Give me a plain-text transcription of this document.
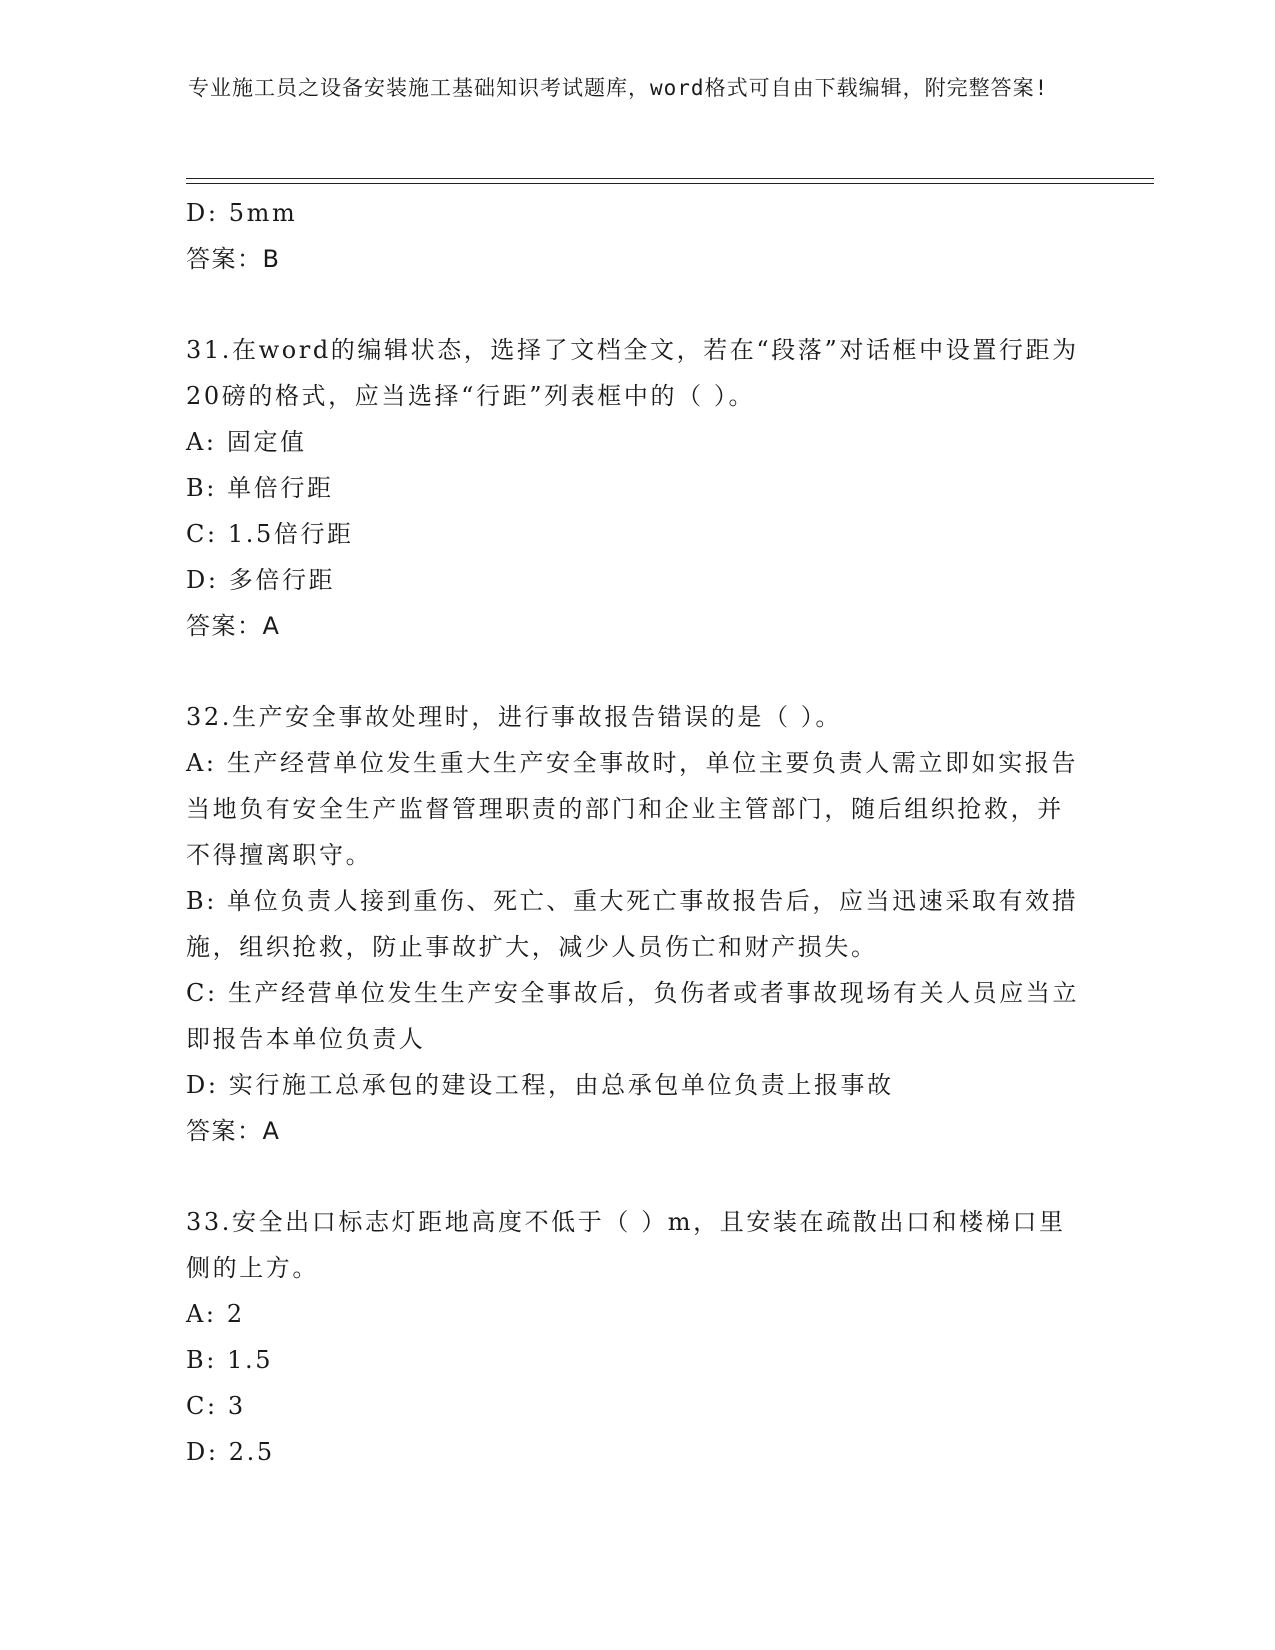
专业施工员之设备安装施工基础知识考试题库，word格式可自由下载编辑，附完整答案!
D: 5mm
答案：B
31.在word的编辑状态，选择了文档全文，若在“段落”对话框中设置行距为20磅的格式，应当选择“行距”列表框中的（ ）。
A: 固定值
B: 单倍行距
C: 1.5倍行距
D: 多倍行距
答案：A
32.生产安全事故处理时，进行事故报告错误的是（ ）。
A: 生产经营单位发生重大生产安全事故时，单位主要负责人需立即如实报告当地负有安全生产监督管理职责的部门和企业主管部门，随后组织抢救，并不得擅离职守。
B: 单位负责人接到重伤、死亡、重大死亡事故报告后，应当迅速采取有效措施，组织抢救，防止事故扩大，减少人员伤亡和财产损失。
C: 生产经营单位发生生产安全事故后，负伤者或者事故现场有关人员应当立即报告本单位负责人
D: 实行施工总承包的建设工程，由总承包单位负责上报事故
答案：A
33.安全出口标志灯距地高度不低于（ ）m，且安装在疏散出口和楼梯口里侧的上方。
A: 2
B: 1.5
C: 3
D: 2.5
